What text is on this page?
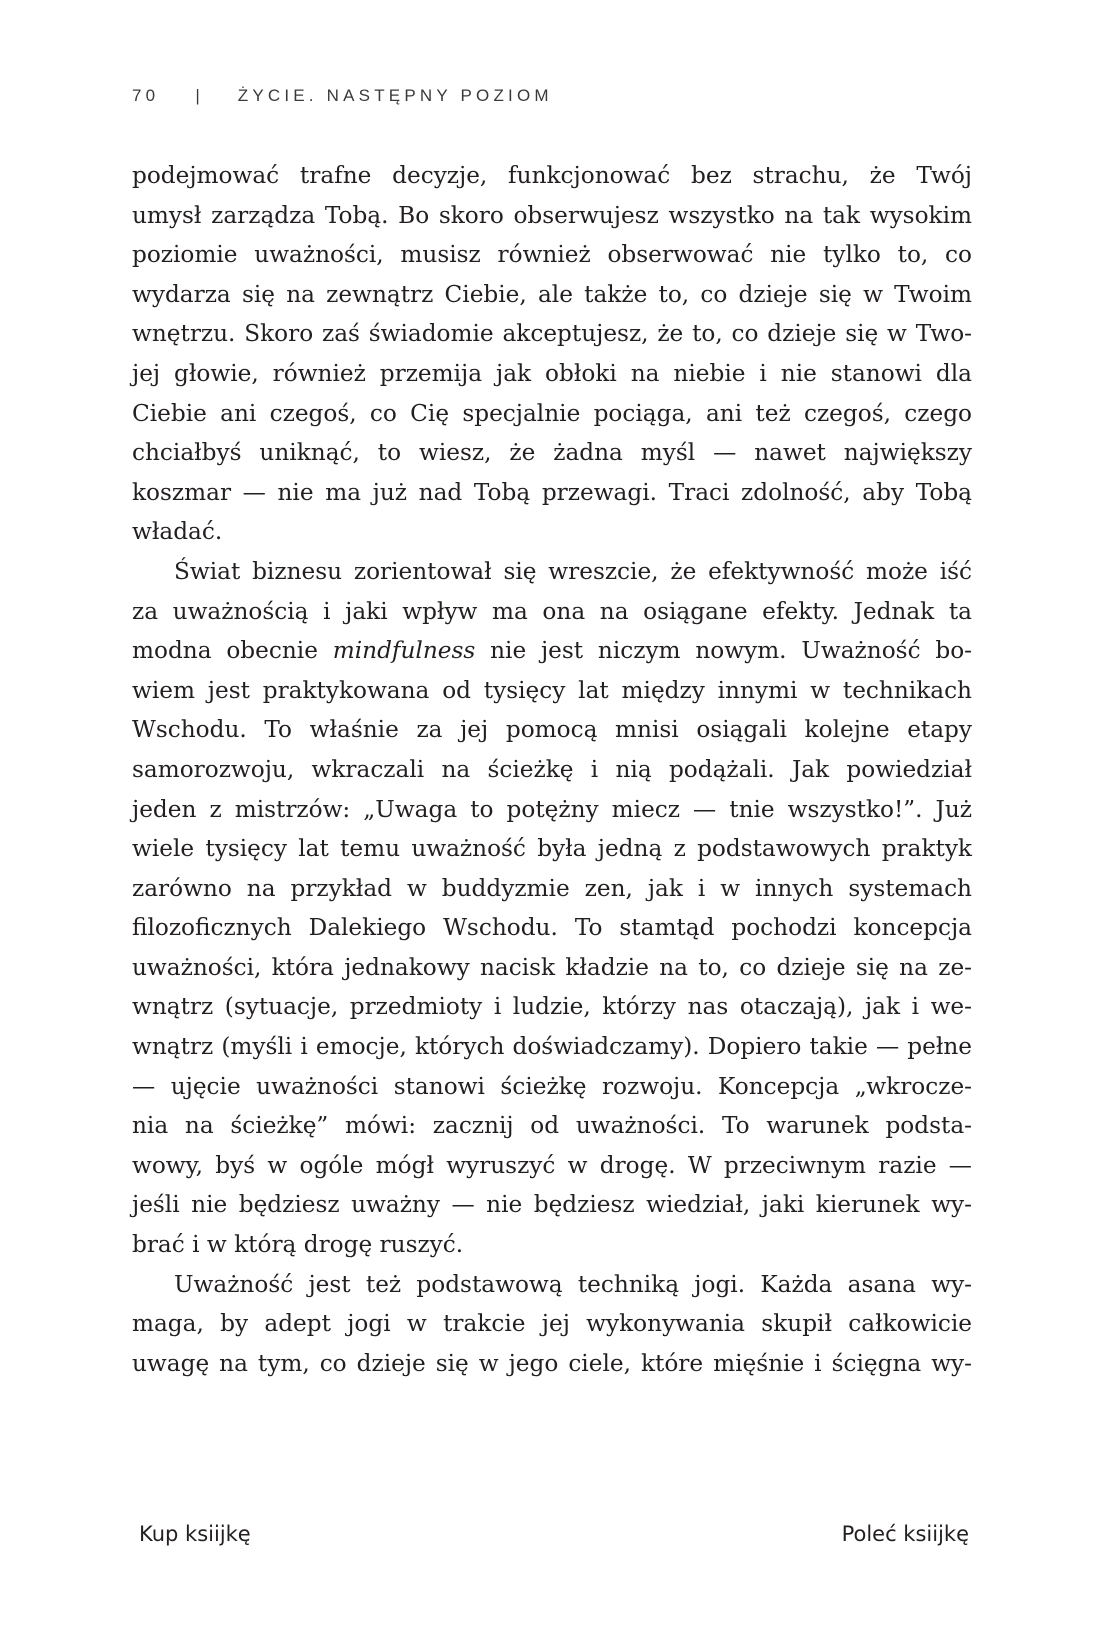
70 | ŻYCIE. NASTĘPNY POZIOM
podejmować trafne decyzje, funkcjonować bez strachu, że Twój
umysł zarządza Tobą. Bo skoro obserwujesz wszystko na tak wysokim
poziomie uważności, musisz również obserwować nie tylko to, co
wydarza się na zewnątrz Ciebie, ale także to, co dzieje się w Twoim
wnętrzu. Skoro zaś świadomie akceptujesz, że to, co dzieje się w Two-
jej głowie, również przemija jak obłoki na niebie i nie stanowi dla
Ciebie ani czegoś, co Cię specjalnie pociąga, ani też czegoś, czego
chciałbyś uniknąć, to wiesz, że żadna myśl — nawet największy
koszmar — nie ma już nad Tobą przewagi. Traci zdolność, aby Tobą
władać.
Świat biznesu zorientował się wreszcie, że efektywność może iść
za uważnością i jaki wpływ ma ona na osiągane efekty. Jednak ta
modna obecnie mindfulness nie jest niczym nowym. Uważność bo-
wiem jest praktykowana od tysięcy lat między innymi w technikach
Wschodu. To właśnie za jej pomocą mnisi osiągali kolejne etapy
samorozwoju, wkraczali na ścieżkę i nią podążali. Jak powiedział
jeden z mistrzów: „Uwaga to potężny miecz — tnie wszystko!”. Już
wiele tysięcy lat temu uważność była jedną z podstawowych praktyk
zarówno na przykład w buddyzmie zen, jak i w innych systemach
filozoficznych Dalekiego Wschodu. To stamtąd pochodzi koncepcja
uważności, która jednakowy nacisk kładzie na to, co dzieje się na ze-
wnątrz (sytuacje, przedmioty i ludzie, którzy nas otaczają), jak i we-
wnątrz (myśli i emocje, których doświadczamy). Dopiero takie — pełne
— ujęcie uważności stanowi ścieżkę rozwoju. Koncepcja „wkrocze-
nia na ścieżkę” mówi: zacznij od uważności. To warunek podsta-
wowy, byś w ogóle mógł wyruszyć w drogę. W przeciwnym razie —
jeśli nie będziesz uważny — nie będziesz wiedział, jaki kierunek wy-
brać i w którą drogę ruszyć.
Uważność jest też podstawową techniką jogi. Każda asana wy-
maga, by adept jogi w trakcie jej wykonywania skupił całkowicie
uwagę na tym, co dzieje się w jego ciele, które mięśnie i ścięgna wy-
Kup ksiĳkę	Poleć ksiĳkę
